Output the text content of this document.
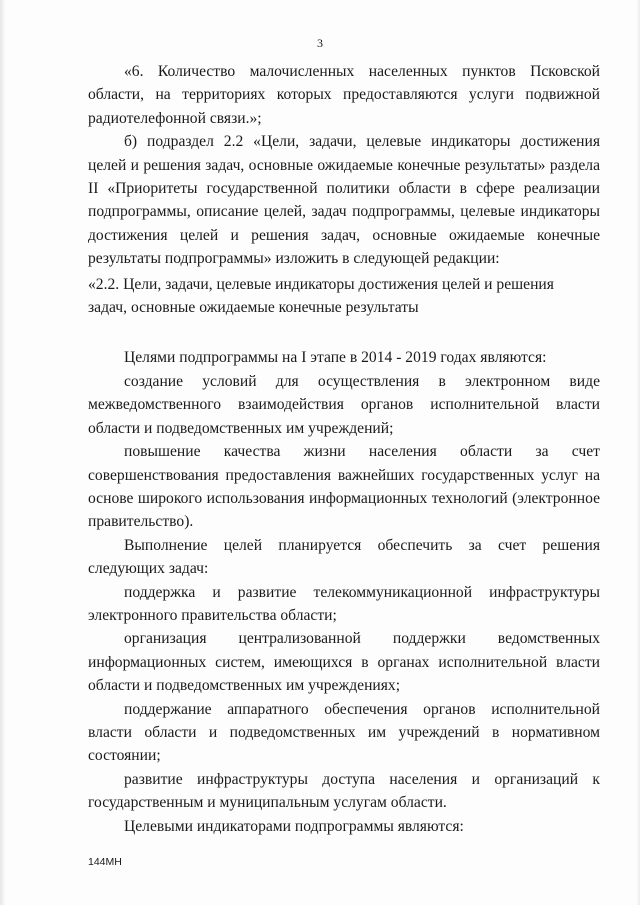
3

«6. Количество малочисленных населенных пунктов Псковской области, на территориях которых предоставляются услуги подвижной радиотелефонной связи.»;

б) подраздел 2.2 «Цели, задачи, целевые индикаторы достижения целей и решения задач, основные ожидаемые конечные результаты» раздела II «Приоритеты государственной политики области в сфере реализации подпрограммы, описание целей, задач подпрограммы, целевые индикаторы достижения целей и решения задач, основные ожидаемые конечные результаты подпрограммы» изложить в следующей редакции:

«2.2. Цели, задачи, целевые индикаторы достижения целей и решения

задач, основные ожидаемые конечные результаты

Целями подпрограммы на I этапе в 2014 - 2019 годах являются:

создание условий для осуществления в электронном виде межведомственного взаимодействия органов исполнительной власти области и подведомственных им учреждений;

повышение качества жизни населения области за счет совершенствования предоставления важнейших государственных услуг на основе широкого использования информационных технологий (электронное правительство).

Выполнение целей планируется обеспечить за счет решения следующих задач:

поддержка и развитие телекоммуникационной инфраструктуры электронного правительства области;

организация централизованной поддержки ведомственных информационных систем, имеющихся в органах исполнительной власти области и подведомственных им учреждениях;

поддержание аппаратного обеспечения органов исполнительной власти области и подведомственных им учреждений в нормативном состоянии;

развитие инфраструктуры доступа населения и организаций к государственным и муниципальным услугам области.

Целевыми индикаторами подпрограммы являются:

144МН
